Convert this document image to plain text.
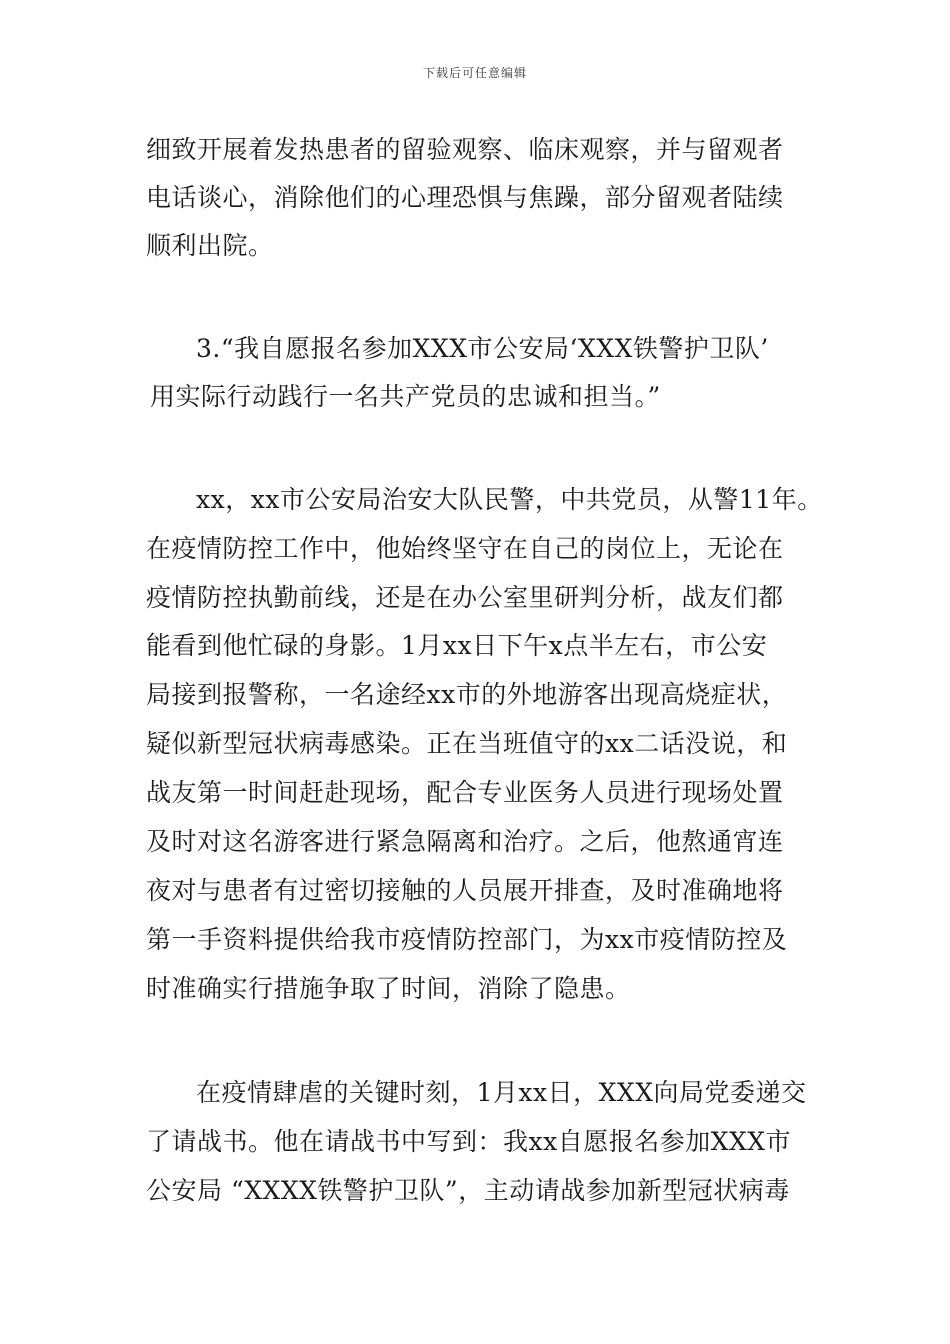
下载后可任意编辑
细致开展着发热患者的留验观察、临床观察，并与留观者
电话谈心，消除他们的心理恐惧与焦躁，部分留观者陆续
顺利出院。
3.“我自愿报名参加XXX市公安局‘XXX铁警护卫队’
用实际行动践行一名共产党员的忠诚和担当。”
xx，xx市公安局治安大队民警，中共党员，从警11年。
在疫情防控工作中，他始终坚守在自己的岗位上，无论在
疫情防控执勤前线，还是在办公室里研判分析，战友们都
能看到他忙碌的身影。1月xx日下午x点半左右，市公安
局接到报警称，一名途经xx市的外地游客出现高烧症状，
疑似新型冠状病毒感染。正在当班值守的xx二话没说，和
战友第一时间赶赴现场，配合专业医务人员进行现场处置
及时对这名游客进行紧急隔离和治疗。之后，他熬通宵连
夜对与患者有过密切接触的人员展开排查，及时准确地将
第一手资料提供给我市疫情防控部门，为xx市疫情防控及
时准确实行措施争取了时间，消除了隐患。
在疫情肆虐的关键时刻，1月xx日，XXX向局党委递交
了请战书。他在请战书中写到：我xx自愿报名参加XXX市
公安局 “XXXX铁警护卫队”，主动请战参加新型冠状病毒
